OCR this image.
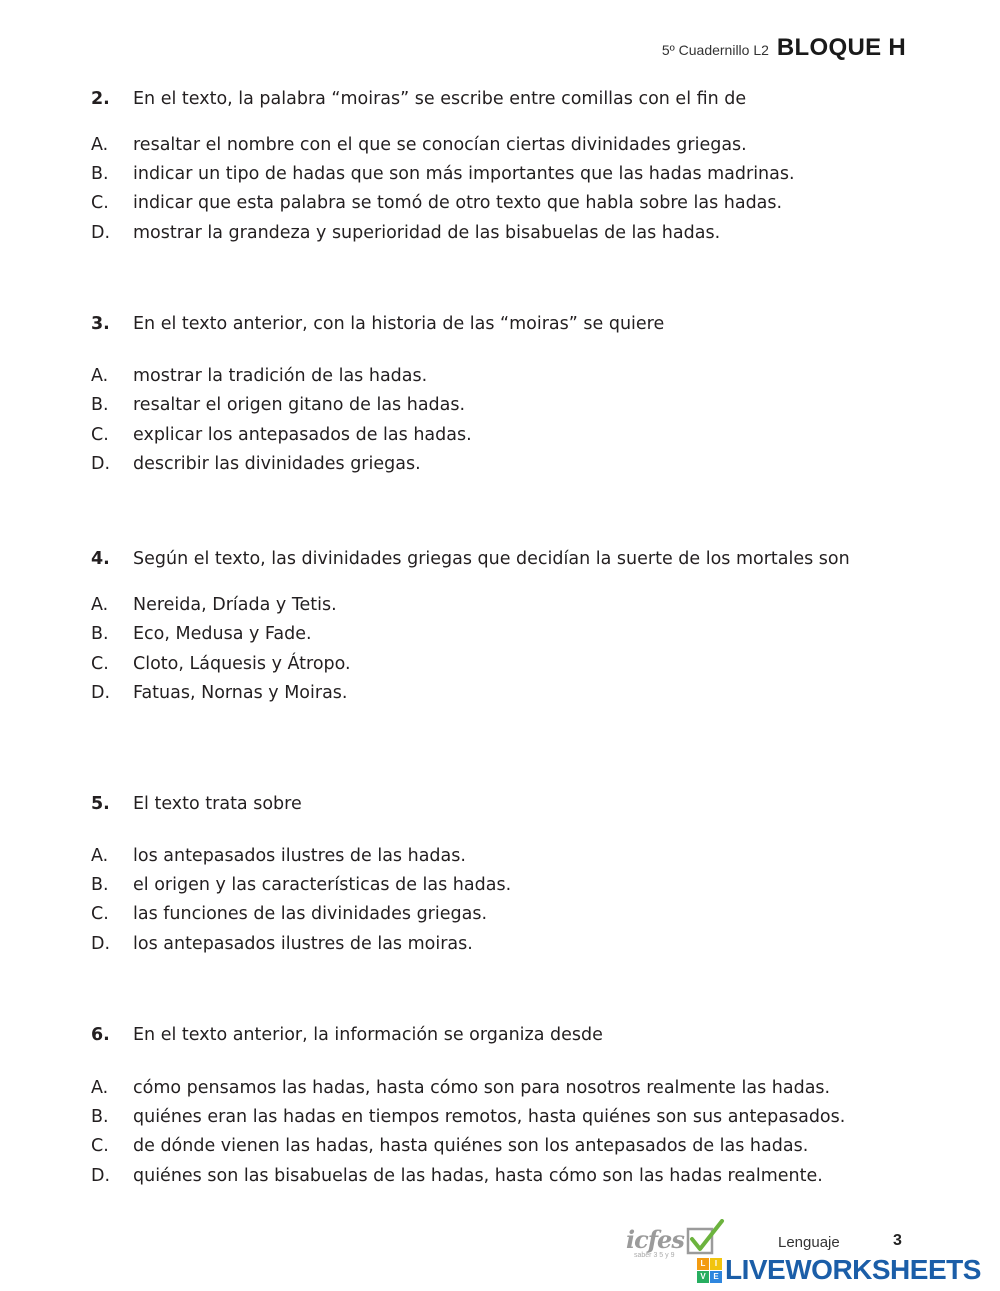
5º Cuadernillo L2 BLOQUE H
2. En el texto, la palabra “moiras” se escribe entre comillas con el fin de
A. resaltar el nombre con el que se conocían ciertas divinidades griegas.
B. indicar un tipo de hadas que son más importantes que las hadas madrinas.
C. indicar que esta palabra se tomó de otro texto que habla sobre las hadas.
D. mostrar la grandeza y superioridad de las bisabuelas de las hadas.
3. En el texto anterior, con la historia de las “moiras” se quiere
A. mostrar la tradición de las hadas.
B. resaltar el origen gitano de las hadas.
C. explicar los antepasados de las hadas.
D. describir las divinidades griegas.
4. Según el texto, las divinidades griegas que decidían la suerte de los mortales son
A. Nereida, Dríada y Tetis.
B. Eco, Medusa y Fade.
C. Cloto, Láquesis y Átropo.
D. Fatuas, Nornas y Moiras.
5. El texto trata sobre
A. los antepasados ilustres de las hadas.
B. el origen y las características de las hadas.
C. las funciones de las divinidades griegas.
D. los antepasados ilustres de las moiras.
6. En el texto anterior, la información se organiza desde
A. cómo pensamos las hadas, hasta cómo son para nosotros realmente las hadas.
B. quiénes eran las hadas en tiempos remotos, hasta quiénes son sus antepasados.
C. de dónde vienen las hadas, hasta quiénes son los antepasados de las hadas.
D. quiénes son las bisabuelas de las hadas, hasta cómo son las hadas realmente.
icfes
saber 3 5 y 9
Lenguaje	3
L	I
V E LIVEWORKSHEETS
